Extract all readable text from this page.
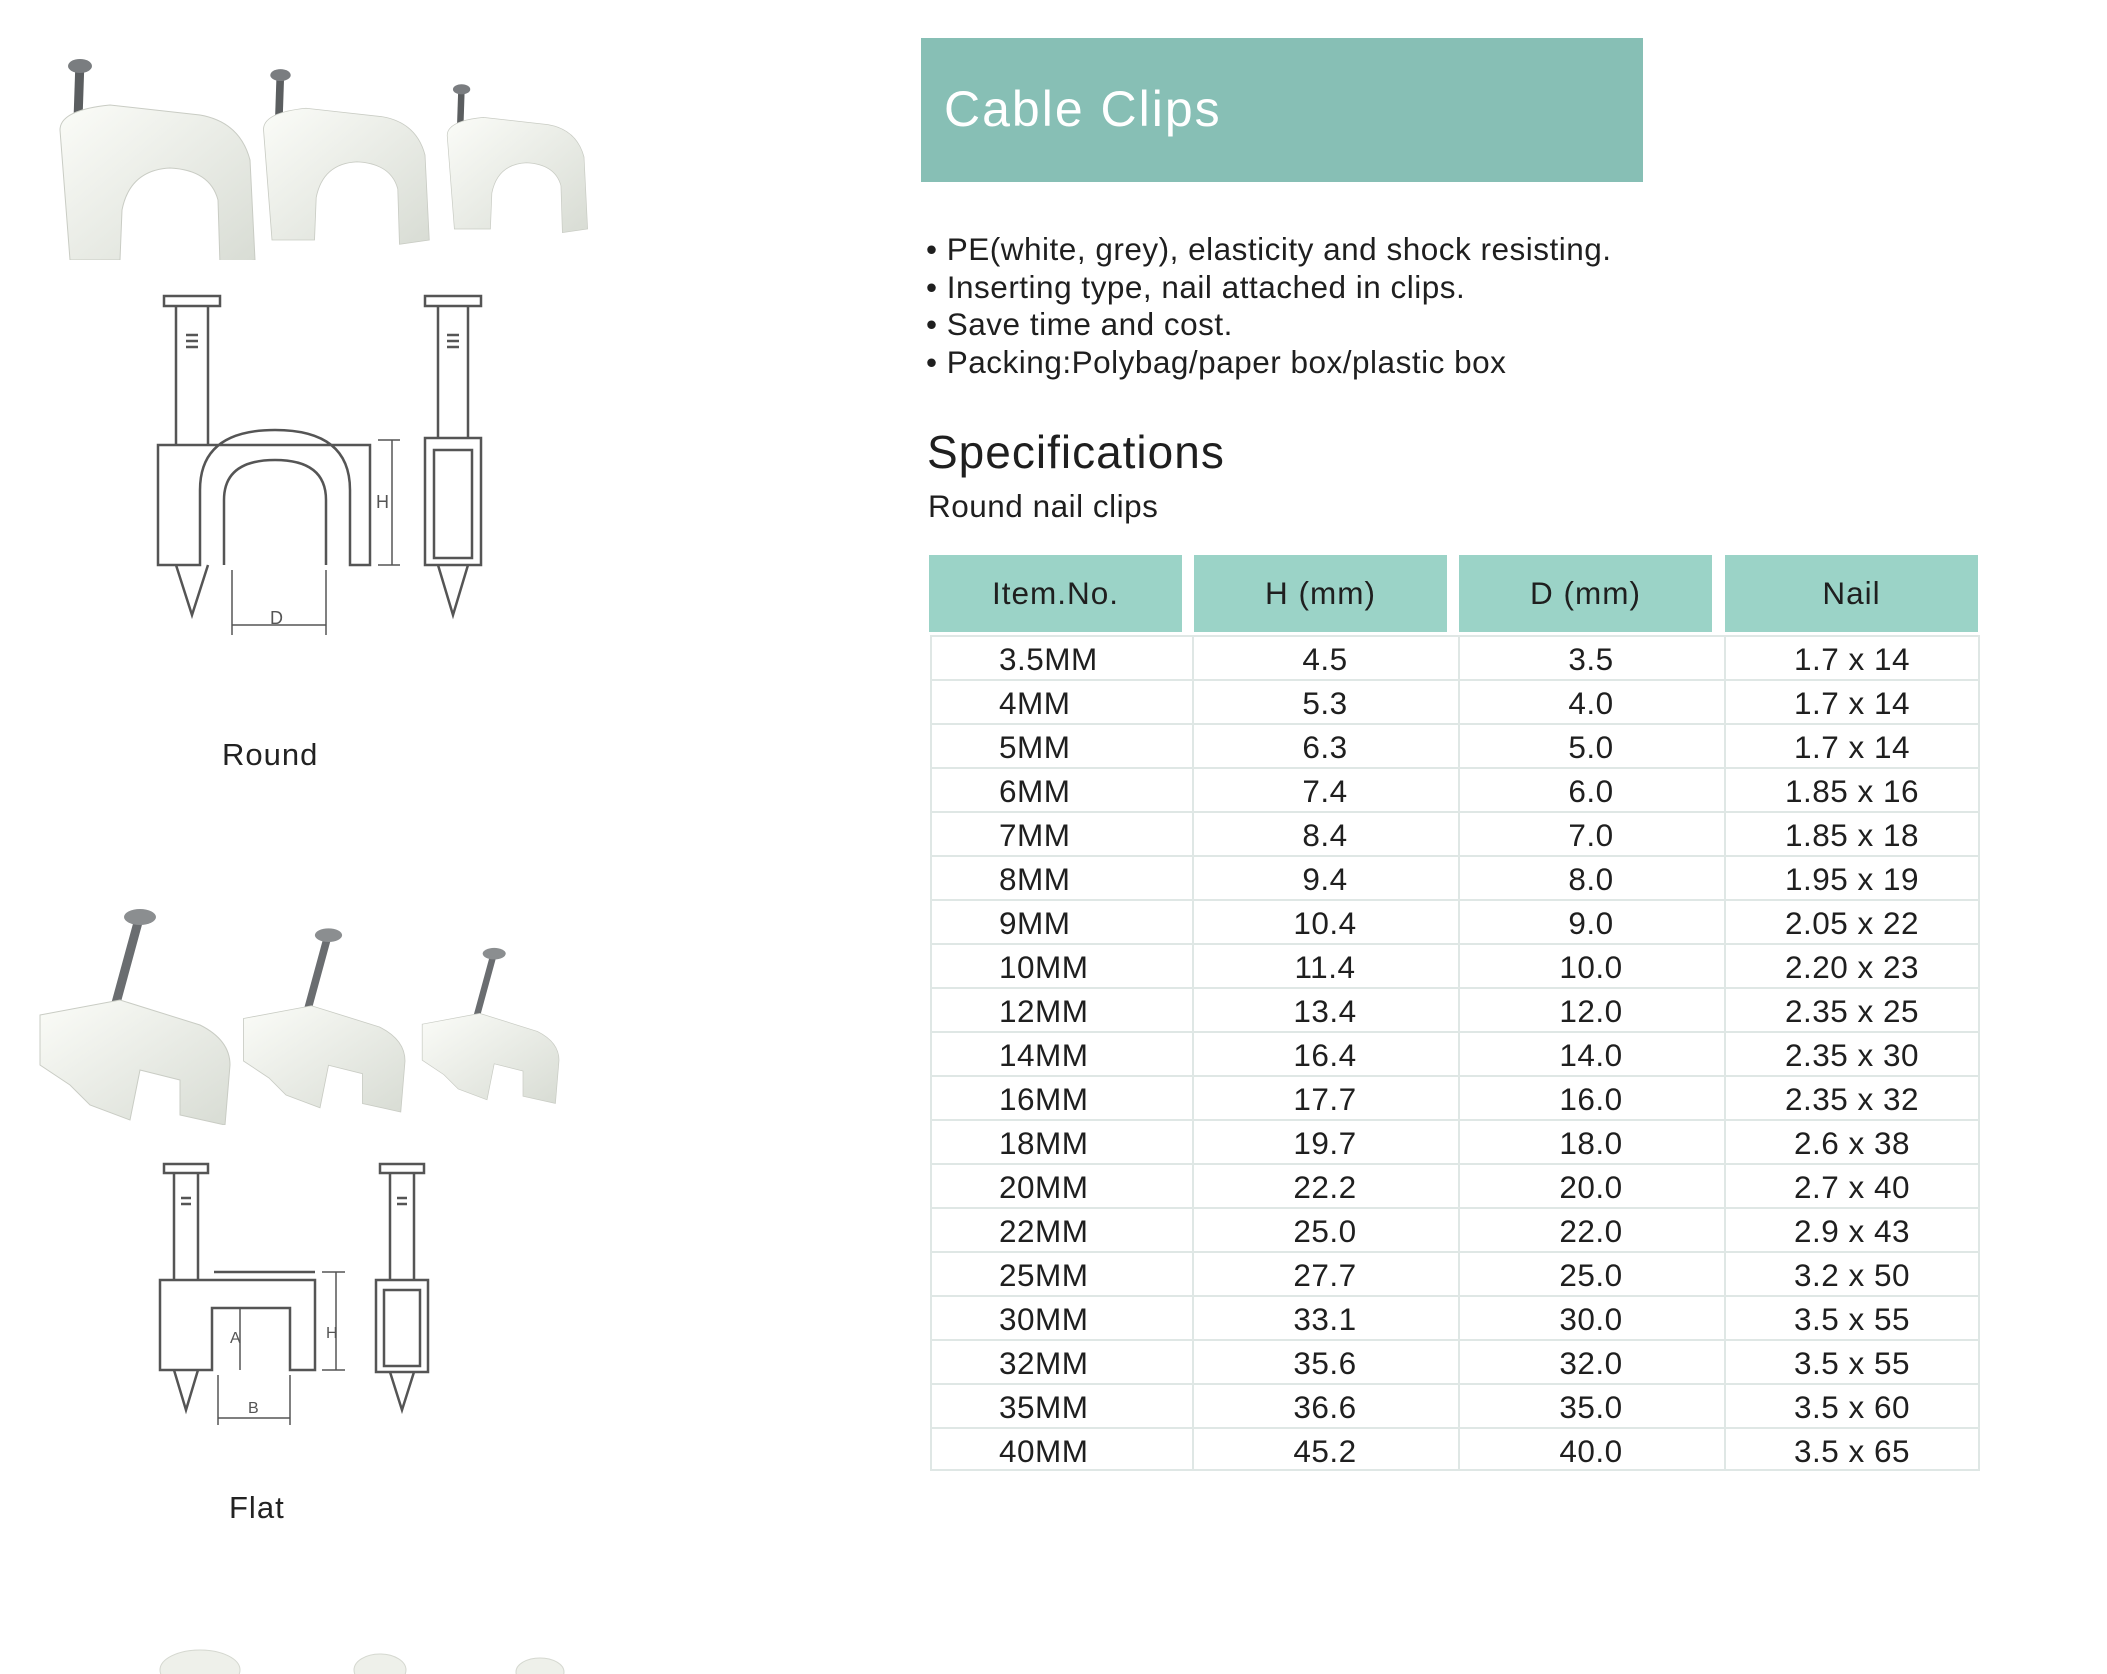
H
D
Round
A	H
B
Flat
Cable Clips
• PE(white, grey), elasticity and shock resisting.
• Inserting type, nail attached in clips.
• Save time and cost.
• Packing:Polybag/paper box/plastic box
Specifications
Round nail clips
Item.No.	H (mm)	D (mm)	Nail
3.5MM	4.5	3.5	1.7 x 14
4MM	5.3	4.0	1.7 x 14
5MM	6.3	5.0	1.7 x 14
6MM	7.4	6.0	1.85 x 16
7MM	8.4	7.0	1.85 x 18
8MM	9.4	8.0	1.95 x 19
9MM	10.4	9.0	2.05 x 22
10MM	11.4	10.0	2.20 x 23
12MM	13.4	12.0	2.35 x 25
14MM	16.4	14.0	2.35 x 30
16MM	17.7	16.0	2.35 x 32
18MM	19.7	18.0	2.6 x 38
20MM	22.2	20.0	2.7 x 40
22MM	25.0	22.0	2.9 x 43
25MM	27.7	25.0	3.2 x 50
30MM	33.1	30.0	3.5 x 55
32MM	35.6	32.0	3.5 x 55
35MM	36.6	35.0	3.5 x 60
40MM	45.2	40.0	3.5 x 65
